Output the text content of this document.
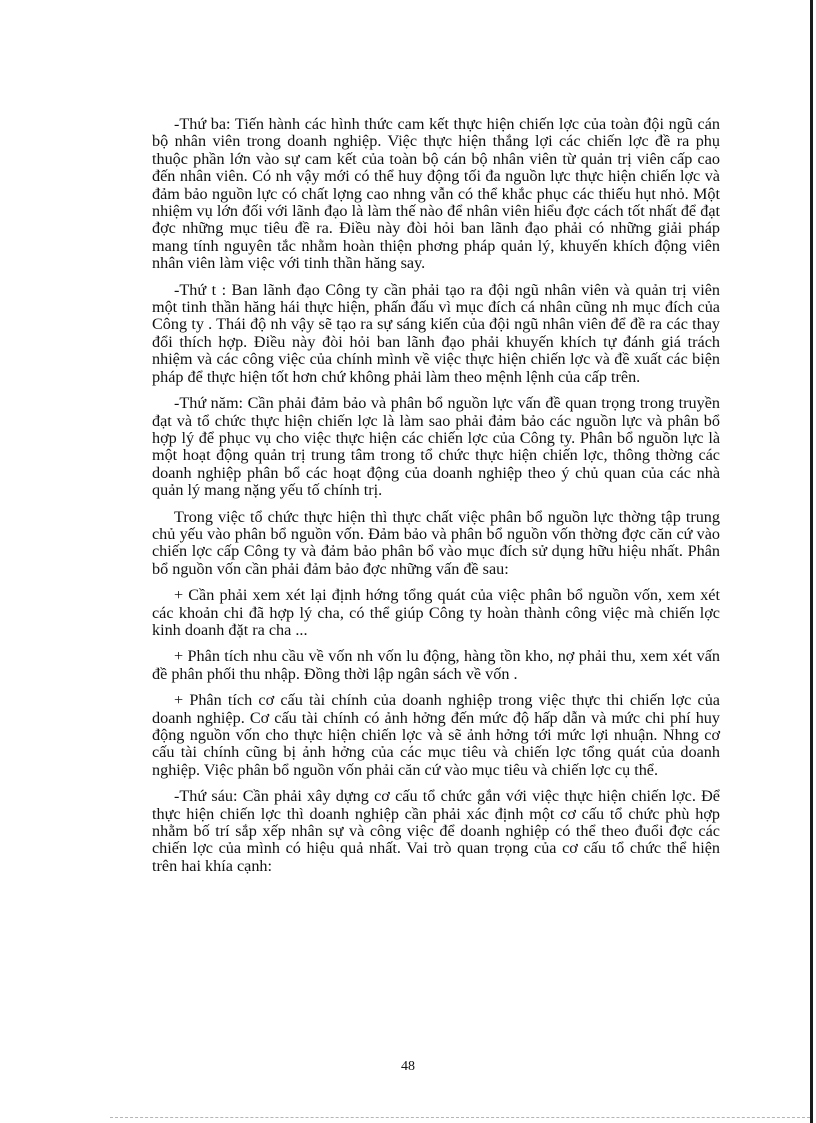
-Thứ ba: Tiến hành các hình thức cam kết thực hiện chiến lợc của toàn đội ngũ cán bộ nhân viên trong doanh nghiệp. Việc thực hiện thắng lợi các chiến lợc đề ra phụ thuộc phần lớn vào sự cam kết của toàn bộ cán bộ nhân viên từ quản trị viên cấp cao đến nhân viên. Có nh vậy mới có thể huy động tối đa nguồn lực thực hiện chiến lợc và đảm bảo nguồn lực có chất lợng cao nhng vẫn có thể khắc phục các thiếu hụt nhỏ. Một nhiệm vụ lớn đối với lãnh đạo là làm thế nào để nhân viên hiểu đợc cách tốt nhất để đạt đợc những mục tiêu đề ra. Điều này đòi hỏi ban lãnh đạo phải có những giải pháp mang tính nguyên tắc nhằm hoàn thiện phơng pháp quản lý, khuyến khích động viên nhân viên làm việc với tinh thần hăng say.

-Thứ t : Ban lãnh đạo Công ty cần phải tạo ra đội ngũ nhân viên và quản trị viên một tinh thần hăng hái thực hiện, phấn đấu vì mục đích cá nhân cũng nh mục đích của Công ty . Thái độ nh vậy sẽ tạo ra sự sáng kiến của đội ngũ nhân viên để đề ra các thay đổi thích hợp. Điều này đòi hỏi ban lãnh đạo phải khuyến khích tự đánh giá trách nhiệm và các công việc của chính mình về việc thực hiện chiến lợc và đề xuất các biện pháp để thực hiện tốt hơn chứ không phải làm theo mệnh lệnh của cấp trên.

-Thứ năm: Cần phải đảm bảo và phân bổ nguồn lực vấn đề quan trọng trong truyền đạt và tổ chức thực hiện chiến lợc là làm sao phải đảm bảo các nguồn lực và phân bổ hợp lý để phục vụ cho việc thực hiện các chiến lợc của Công ty. Phân bổ nguồn lực là một hoạt động quản trị trung tâm trong tổ chức thực hiện chiến lợc, thông thờng các doanh nghiệp phân bổ các hoạt động của doanh nghiệp theo ý chủ quan của các nhà quản lý mang nặng yếu tố chính trị.

Trong việc tổ chức thực hiện thì thực chất việc phân bổ nguồn lực thờng tập trung chủ yếu vào phân bổ nguồn vốn. Đảm bảo và phân bổ nguồn vốn thờng đợc căn cứ vào chiến lợc cấp Công ty và đảm bảo phân bổ vào mục đích sử dụng hữu hiệu nhất. Phân bổ nguồn vốn cần phải đảm bảo đợc những vấn đề sau:

+ Cần phải xem xét lại định hớng tổng quát của việc phân bổ nguồn vốn, xem xét các khoản chi đã hợp lý cha, có thể giúp Công ty hoàn thành công việc mà chiến lợc kinh doanh đặt ra cha ...

+ Phân tích nhu cầu về vốn nh vốn lu động, hàng tồn kho, nợ phải thu, xem xét vấn đề phân phối thu nhập. Đồng thời lập ngân sách về vốn .

+ Phân tích cơ cấu tài chính của doanh nghiệp trong việc thực thi chiến lợc của doanh nghiệp. Cơ cấu tài chính có ảnh hởng đến mức độ hấp dẫn và mức chi phí huy động nguồn vốn cho thực hiện chiến lợc và sẽ ảnh hởng tới mức lợi nhuận. Nhng cơ cấu tài chính cũng bị ảnh hởng của các mục tiêu và chiến lợc tổng quát của doanh nghiệp. Việc phân bổ nguồn vốn phải căn cứ vào mục tiêu và chiến lợc cụ thể.

-Thứ sáu: Cần phải xây dựng cơ cấu tổ chức gắn với việc thực hiện chiến lợc. Để thực hiện chiến lợc thì doanh nghiệp cần phải xác định một cơ cấu tổ chức phù hợp nhằm bố trí sắp xếp nhân sự và công việc để doanh nghiệp có thể theo đuổi đợc các chiến lợc của mình có hiệu quả nhất. Vai trò quan trọng của cơ cấu tổ chức thể hiện trên hai khía cạnh:

48
